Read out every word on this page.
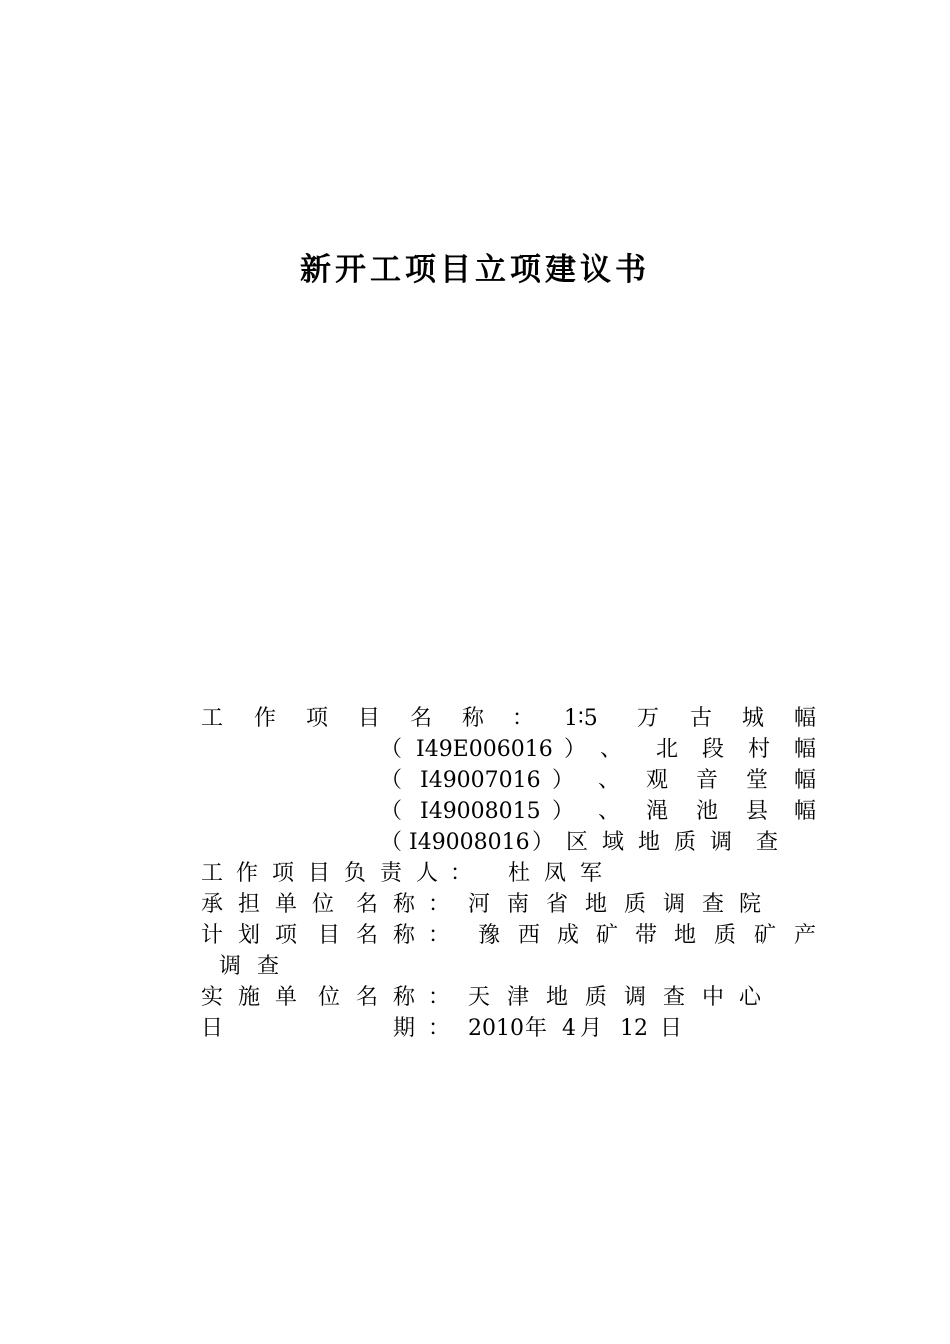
新开工项目立项建议书
工 作 项 目 名 称 ： 1∶5 万 古 城 幅
（ I49E006016 ） 、 北 段 村 幅
（ I49007016 ） 、 观 音 堂 幅
（ I49008015 ） 、 渑 池 县 幅
（ I49008016 ） 区 域 地 质 调 查
工 作 项 目 负 责 人 ： 杜 凤 军
承 担 单 位 名 称 ： 河 南 省 地 质 调 查 院
计 划 项 目 名 称 ： 豫 西 成 矿 带 地 质 矿 产
调 查
实 施 单 位 名 称 ： 天 津 地 质 调 查 中 心
日	期 ： 2010 年 4 月 12 日
